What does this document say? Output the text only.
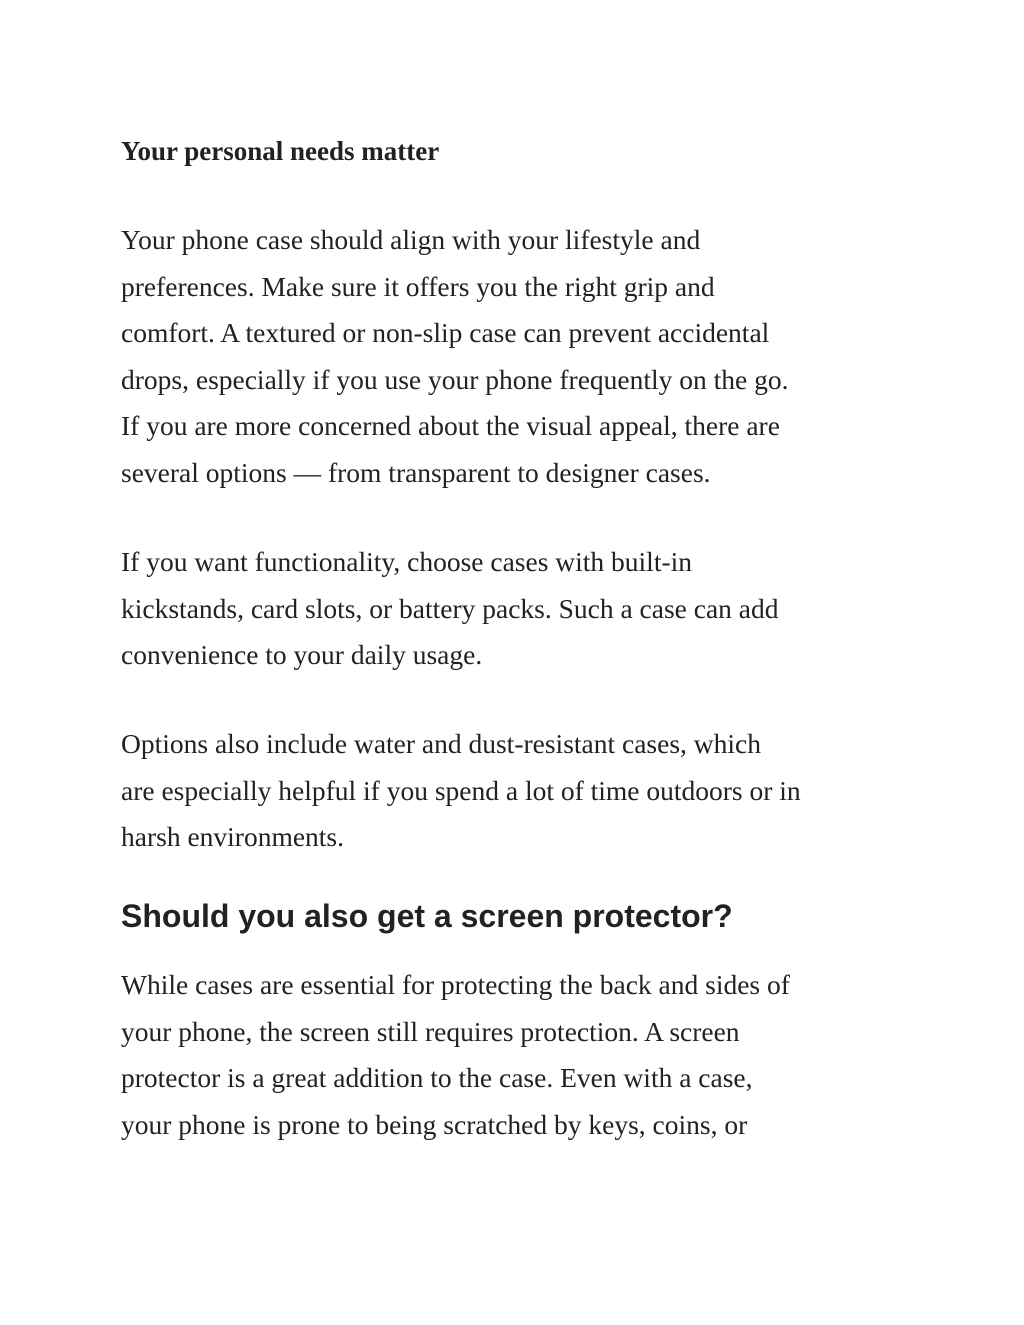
Your personal needs matter

Your phone case should align with your lifestyle and
preferences. Make sure it offers you the right grip and
comfort. A textured or non-slip case can prevent accidental
drops, especially if you use your phone frequently on the go.
If you are more concerned about the visual appeal, there are
several options — from transparent to designer cases.

If you want functionality, choose cases with built-in
kickstands, card slots, or battery packs. Such a case can add
convenience to your daily usage.

Options also include water and dust-resistant cases, which
are especially helpful if you spend a lot of time outdoors or in
harsh environments.

Should you also get a screen protector?

While cases are essential for protecting the back and sides of
your phone, the screen still requires protection. A screen
protector is a great addition to the case. Even with a case,
your phone is prone to being scratched by keys, coins, or
